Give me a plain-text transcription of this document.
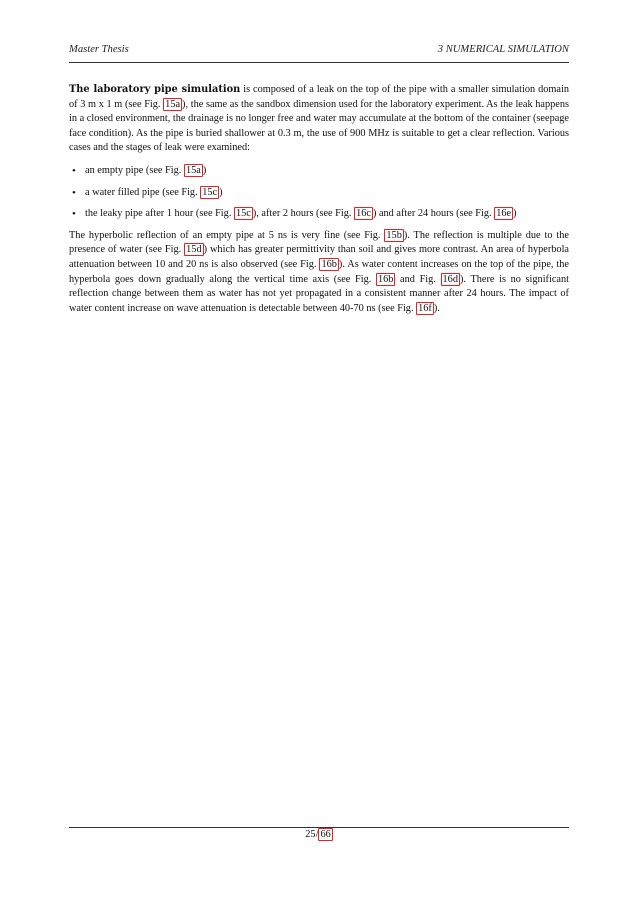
Master Thesis	3 NUMERICAL SIMULATION

The laboratory pipe simulation is composed of a leak on the top of the pipe with a smaller simulation domain of 3 m x 1 m (see Fig. 15a ), the same as the sandbox dimension used for the laboratory experiment. As the leak happens in a closed environment, the drainage is no longer free and water may accumulate at the bottom of the container (seepage face condition). As the pipe is buried shallower at 0.3 m, the use of 900 MHz is suitable to get a clear reflection. Various cases and the stages of leak were examined:

• an empty pipe (see Fig. 15a )
• a water filled pipe (see Fig. 15c )
• the leaky pipe after 1 hour (see Fig. 15c ), after 2 hours (see Fig. 16c ) and after 24 hours (see Fig. 16e )

The hyperbolic reflection of an empty pipe at 5 ns is very fine (see Fig. 15b ). The reflection is multiple due to the presence of water (see Fig. 15d ) which has greater permittivity than soil and gives more contrast. An area of hyperbola attenuation between 10 and 20 ns is also observed (see Fig. 16b ). As water content increases on the top of the pipe, the hyperbola goes down gradually along the vertical time axis (see Fig. 16b and Fig. 16d ). There is no significant reflection change between them as water has not yet propagated in a consistent manner after 24 hours. The impact of water content increase on wave attenuation is detectable between 40-70 ns (see Fig. 16f ).

25/ 66
